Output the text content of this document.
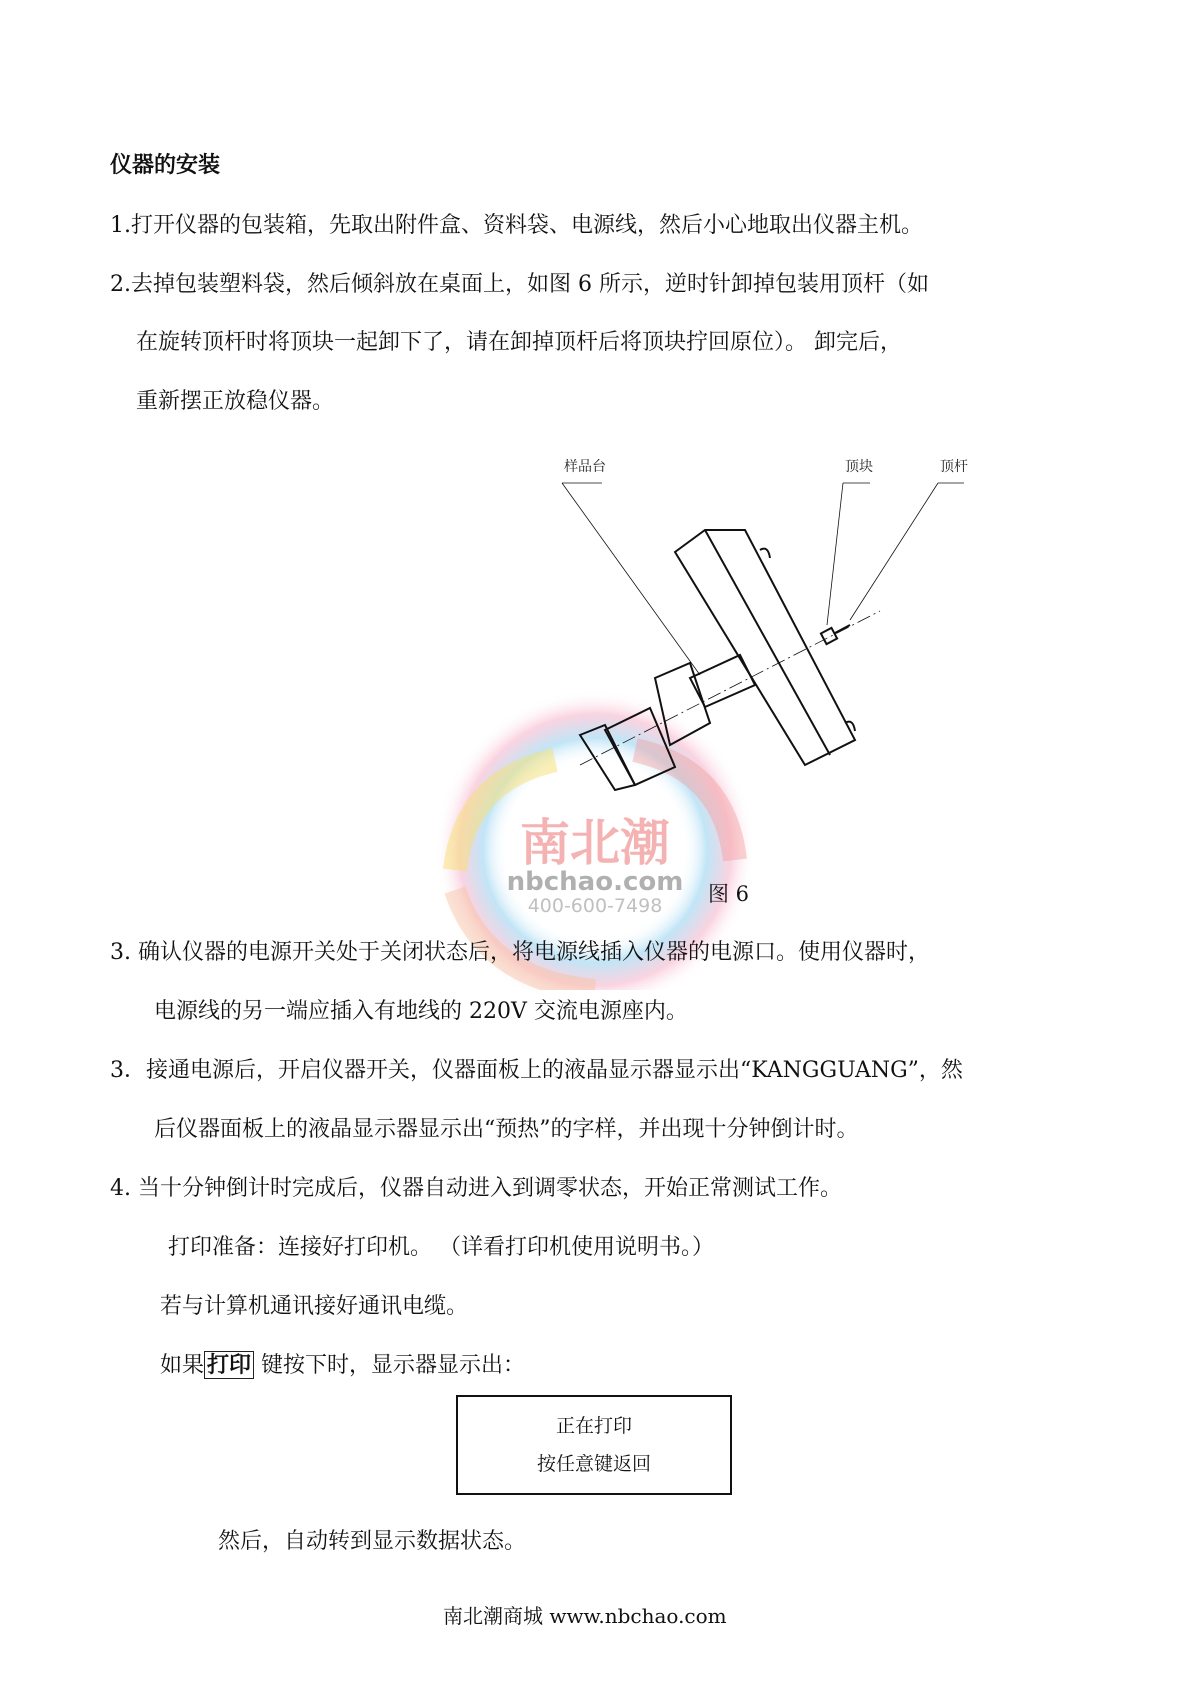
仪器的安装
1.打开仪器的包装箱，先取出附件盒、资料袋、电源线，然后小心地取出仪器主机。
2.去掉包装塑料袋，然后倾斜放在桌面上，如图 6 所示，逆时针卸掉包装用顶杆（如
在旋转顶杆时将顶块一起卸下了，请在卸掉顶杆后将顶块拧回原位）。 卸完后，
重新摆正放稳仪器。
南北潮
nbchao.com
400-600-7498
样品台	顶块	顶杆
图 6
3. 确认仪器的电源开关处于关闭状态后，将电源线插入仪器的电源口。使用仪器时，
电源线的另一端应插入有地线的 220V 交流电源座内。
3．接通电源后，开启仪器开关，仪器面板上的液晶显示器显示出“KANGGUANG”，然
后仪器面板上的液晶显示器显示出“预热”的字样，并出现十分钟倒计时。
4. 当十分钟倒计时完成后，仪器自动进入到调零状态，开始正常测试工作。
打印准备：连接好打印机。 （详看打印机使用说明书。）
若与计算机通讯接好通讯电缆。
如果 打印 键按下时，显示器显示出：
正在打印
按任意键返回
然后，自动转到显示数据状态。
南北潮商城 www.nbchao.com
